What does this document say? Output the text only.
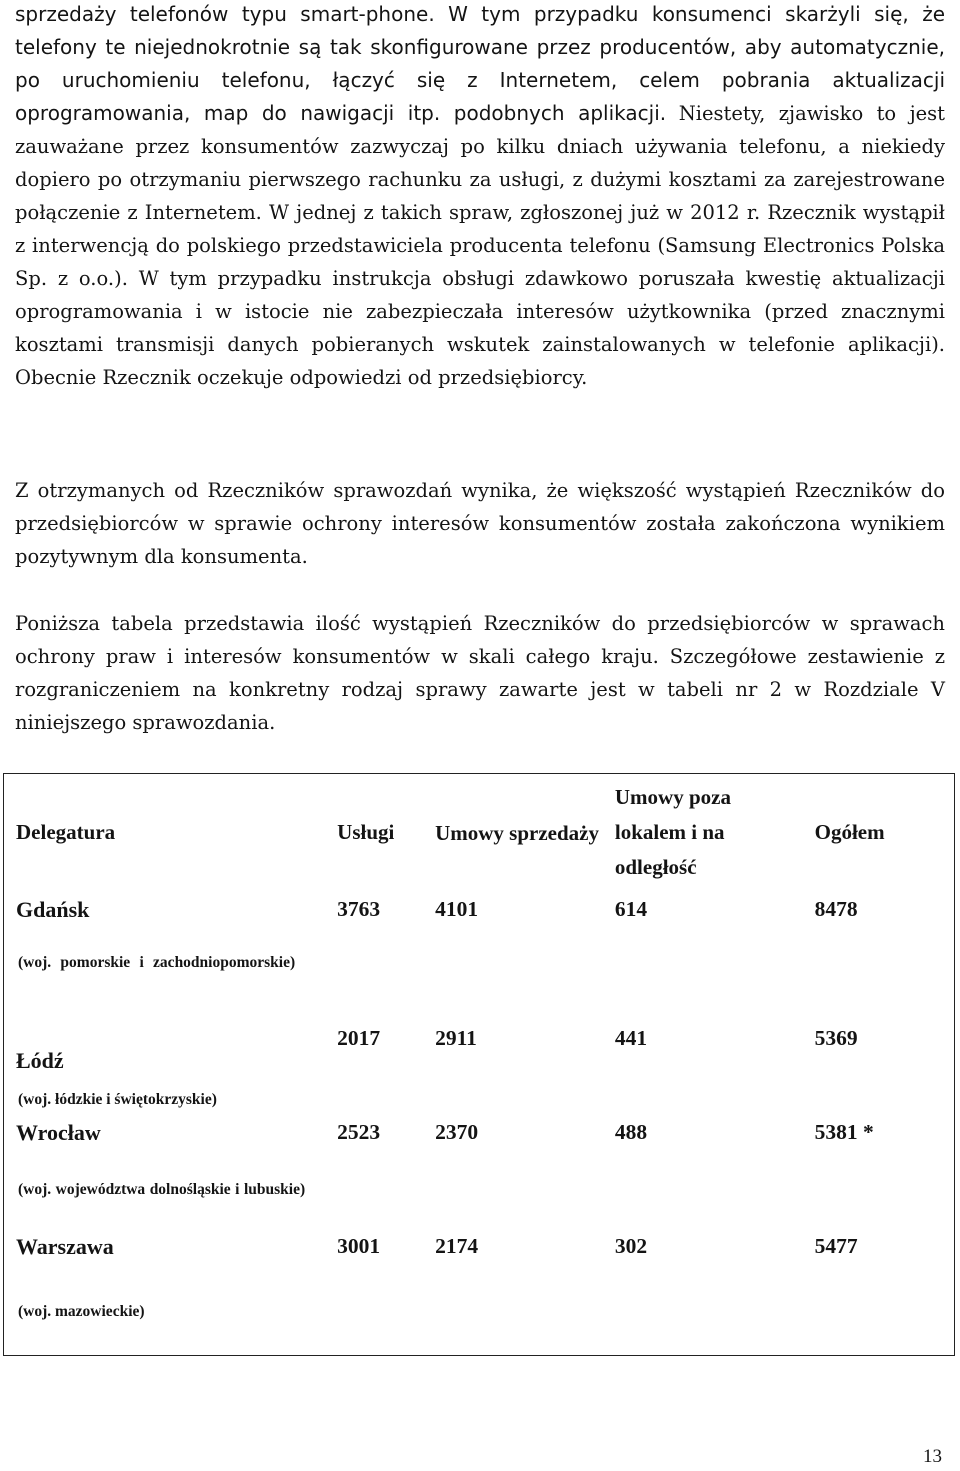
sprzedaży telefonów typu smart-phone. W tym przypadku konsumenci skarżyli się, że telefony te niejednokrotnie są tak skonfigurowane przez producentów, aby automatycznie, po uruchomieniu telefonu, łączyć się z Internetem, celem pobrania aktualizacji oprogramowania, map do nawigacji itp. podobnych aplikacji. Niestety, zjawisko to jest zauważane przez konsumentów zazwyczaj po kilku dniach używania telefonu, a niekiedy dopiero po otrzymaniu pierwszego rachunku za usługi, z dużymi kosztami za zarejestrowane połączenie z Internetem. W jednej z takich spraw, zgłoszonej już w 2012 r. Rzecznik wystąpił z interwencją do polskiego przedstawiciela producenta telefonu (Samsung Electronics Polska Sp. z o.o.). W tym przypadku instrukcja obsługi zdawkowo poruszała kwestię aktualizacji oprogramowania i w istocie nie zabezpieczała interesów użytkownika (przed znacznymi kosztami transmisji danych pobieranych wskutek zainstalowanych w telefonie aplikacji). Obecnie Rzecznik oczekuje odpowiedzi od przedsiębiorcy.

Z otrzymanych od Rzeczników sprawozdań wynika, że większość wystąpień Rzeczników do przedsiębiorców w sprawie ochrony interesów konsumentów została zakończona wynikiem pozytywnym dla konsumenta.

Poniższa tabela przedstawia ilość wystąpień Rzeczników do przedsiębiorców w sprawach ochrony praw i interesów konsumentów w skali całego kraju. Szczegółowe zestawienie z rozgraniczeniem na konkretny rodzaj sprawy zawarte jest w tabeli nr 2 w Rozdziale V niniejszego sprawozdania.

Delegatura	Usługi	Umowy sprzedaży	Umowy poza lokalem i na odległość	Ogółem
Gdańsk	3763	4101	614	8478

(woj. pomorskie i zachodniopomorskie)				

Łódź	2017	2911	441	5369
(woj. łódzkie i świętokrzyskie)				
Wrocław	2523	2370	488	5381 *

(woj. województwa dolnośląskie i lubuskie)				

Warszawa	3001	2174	302	5477
(woj. mazowieckie)				
13
